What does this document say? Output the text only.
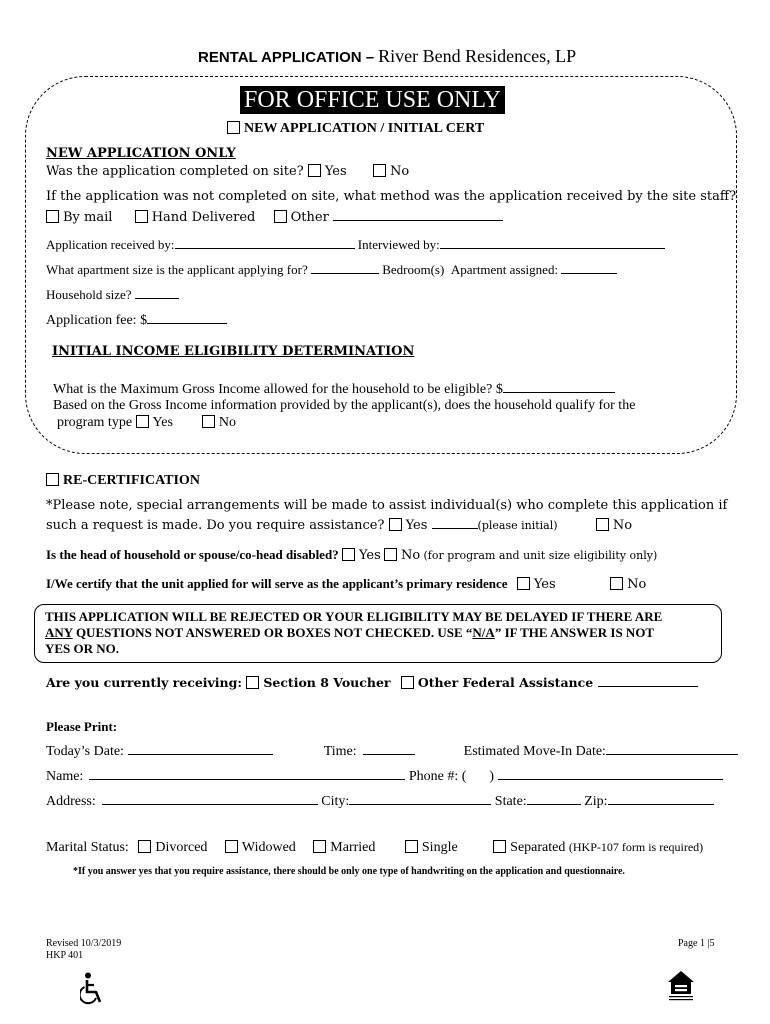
RENTAL APPLICATION – River Bend Residences, LP
FOR OFFICE USE ONLY
NEW APPLICATION / INITIAL CERT
NEW APPLICATION ONLY
Was the application completed on site? Yes	No
If the application was not completed on site, what method was the application received by the site staff?
By mail	Hand Delivered	Other
Application received by:	Interviewed by:
What apartment size is the applicant applying for?	Bedroom(s) Apartment assigned:
Household size?
Application fee: $
INITIAL INCOME ELIGIBILITY DETERMINATION
What is the Maximum Gross Income allowed for the household to be eligible? $
Based on the Gross Income information provided by the applicant(s), does the household qualify for the
program type Yes	No
RE-CERTIFICATION
*Please note, special arrangements will be made to assist individual(s) who complete this application if
such a request is made. Do you require assistance? Yes	(please initial)	No
Is the head of household or spouse/co-head disabled? Yes No (for program and unit size eligibility only)
I/We certify that the unit applied for will serve as the applicant’s primary residence Yes	No
THIS APPLICATION WILL BE REJECTED OR YOUR ELIGIBILITY MAY BE DELAYED IF THERE ARE
ANY QUESTIONS NOT ANSWERED OR BOXES NOT CHECKED. USE “N/A” IF THE ANSWER IS NOT
YES OR NO.
Are you currently receiving: Section 8 Voucher Other Federal Assistance
Please Print:
Today’s Date:	Time:	Estimated Move-In Date:
Name:	Phone #: ( )
Address:	City:	State:	Zip:
Marital Status: Divorced Widowed Married	Single	Separated (HKP-107 form is required)
*If you answer yes that you require assistance, there should be only one type of handwriting on the application and questionnaire.
Revised 10/3/2019
HKP 401
Page 1 |5
